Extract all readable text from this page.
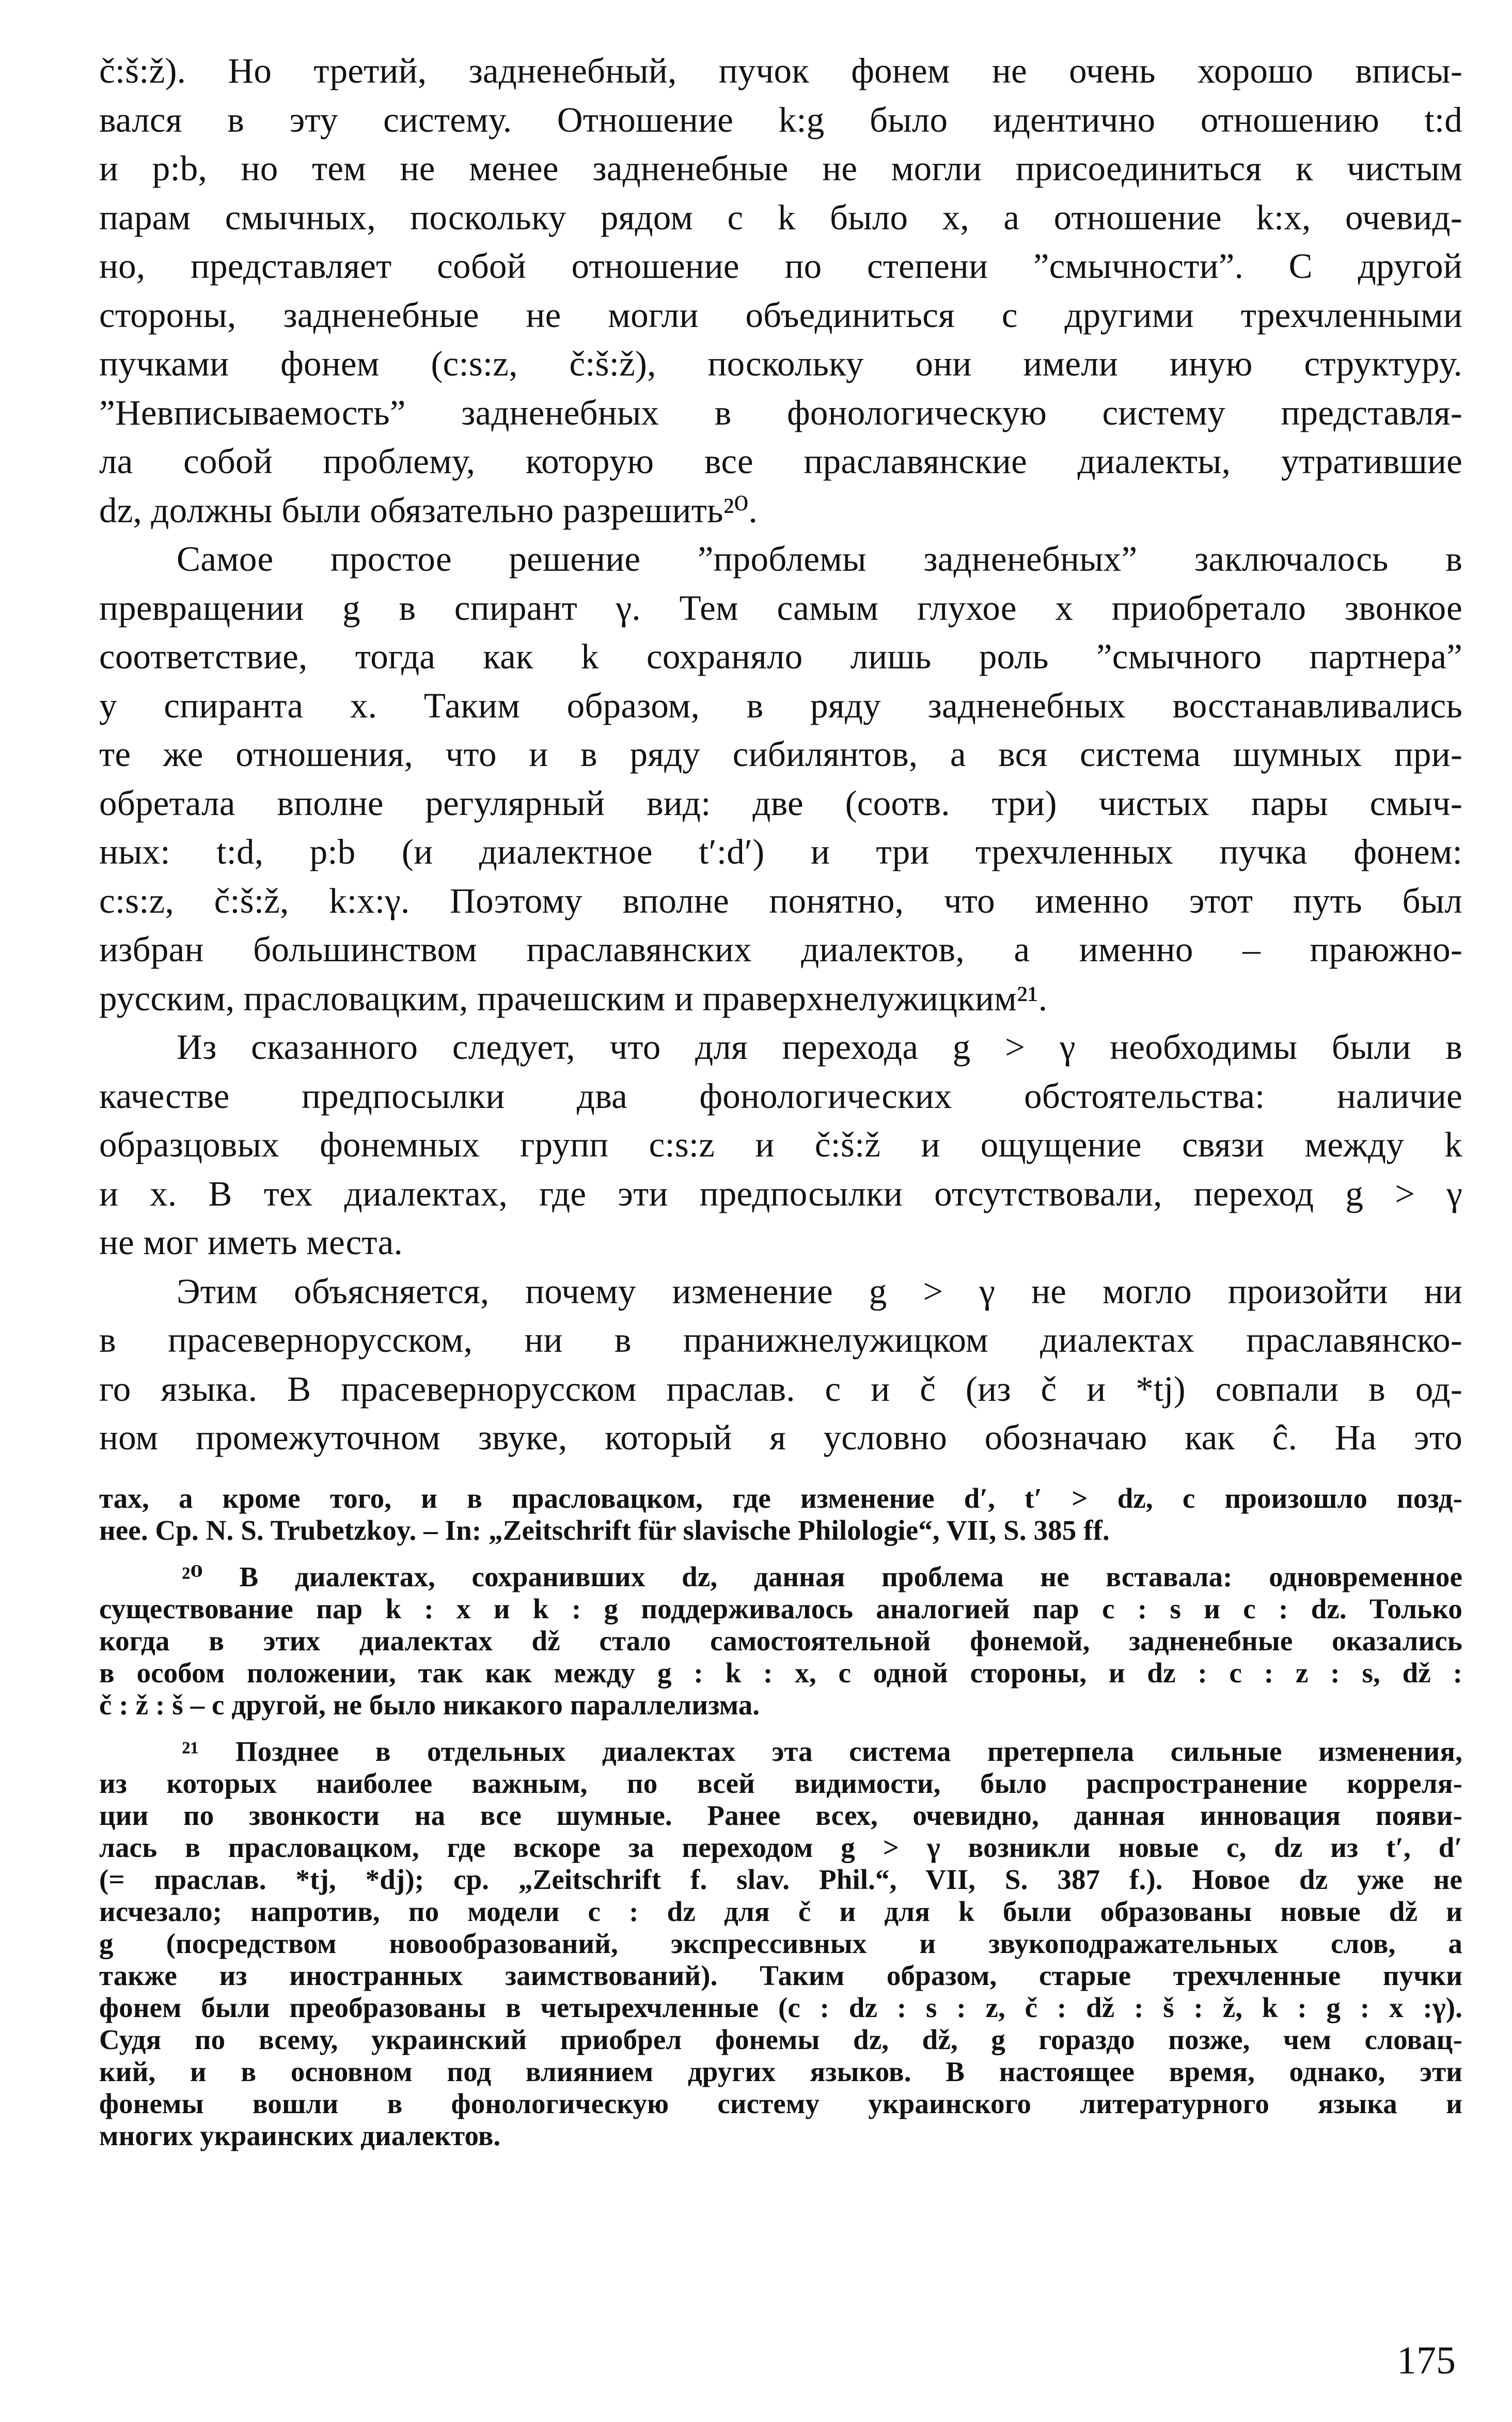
č:š:ž). Но третий, задненебный, пучок фонем не очень хорошо вписы-
вался в эту систему. Отношение k:g было идентично отношению t:d
и p:b, но тем не менее задненебные не могли присоединиться к чистым
парам смычных, поскольку рядом с k было x, а отношение k:x, очевид-
но, представляет собой отношение по степени ”смычности”. С другой
стороны, задненебные не могли объединиться с другими трехчленными
пучками фонем (c:s:z, č:š:ž), поскольку они имели иную структуру.
”Невписываемость” задненебных в фонологическую систему представля-
ла собой проблему, которую все праславянские диалекты, утратившие
dz, должны были обязательно разрешить²⁰.

Самое простое решение ”проблемы задненебных” заключалось в
превращении g в спирант γ. Тем самым глухое x приобретало звонкое
соответствие, тогда как k сохраняло лишь роль ”смычного партнера”
у спиранта x. Таким образом, в ряду задненебных восстанавливались
те же отношения, что и в ряду сибилянтов, а вся система шумных при-
обретала вполне регулярный вид: две (соотв. три) чистых пары смыч-
ных: t:d, p:b (и диалектное t′:d′) и три трехчленных пучка фонем:
c:s:z, č:š:ž, k:x:γ. Поэтому вполне понятно, что именно этот путь был
избран большинством праславянских диалектов, а именно – праюжно-
русским, прасловацким, прачешским и праверхнелужицким²¹.

Из сказанного следует, что для перехода g > γ необходимы были в
качестве предпосылки два фонологических обстоятельства: наличие
образцовых фонемных групп c:s:z и č:š:ž и ощущение связи между k
и x. В тех диалектах, где эти предпосылки отсутствовали, переход g > γ
не мог иметь места.

Этим объясняется, почему изменение g > γ не могло произойти ни
в прасевернорусском, ни в пранижнелужицком диалектах праславянско-
го языка. В прасевернорусском праслав. c и č (из č и *tj) совпали в од-
ном промежуточном звуке, который я условно обозначаю как ĉ. На это

тах, а кроме того, и в прасловацком, где изменение d′, t′ > dz, с произошло позд-
нее. Ср. N. S. Trubetzkoy. – In: „Zeitschrift für slavische Philologie“, VII, S. 385 ff.

²⁰ В диалектах, сохранивших dz, данная проблема не вставала: одновременное
существование пар k : x и k : g поддерживалось аналогией пар c : s и c : dz. Только
когда в этих диалектах dž стало самостоятельной фонемой, задненебные оказались
в особом положении, так как между g : k : x, с одной стороны, и dz : c : z : s, dž :
č : ž : š – с другой, не было никакого параллелизма.

²¹ Позднее в отдельных диалектах эта система претерпела сильные изменения,
из которых наиболее важным, по всей видимости, было распространение корреля-
ции по звонкости на все шумные. Ранее всех, очевидно, данная инновация появи-
лась в прасловацком, где вскоре за переходом g > γ возникли новые c, dz из t′, d′
(= праслав. *tj, *dj); ср. „Zeitschrift f. slav. Phil.“, VII, S. 387 f.). Новое dz уже не
исчезало; напротив, по модели c : dz для č и для k были образованы новые dž и
g (посредством новообразований, экспрессивных и звукоподражательных слов, а
также из иностранных заимствований). Таким образом, старые трехчленные пучки
фонем были преобразованы в четырехчленные (c : dz : s : z, č : dž : š : ž, k : g : x :γ).
Судя по всему, украинский приобрел фонемы dz, dž, g гораздо позже, чем словац-
кий, и в основном под влиянием других языков. В настоящее время, однако, эти
фонемы вошли в фонологическую систему украинского литературного языка и
многих украинских диалектов.

175
